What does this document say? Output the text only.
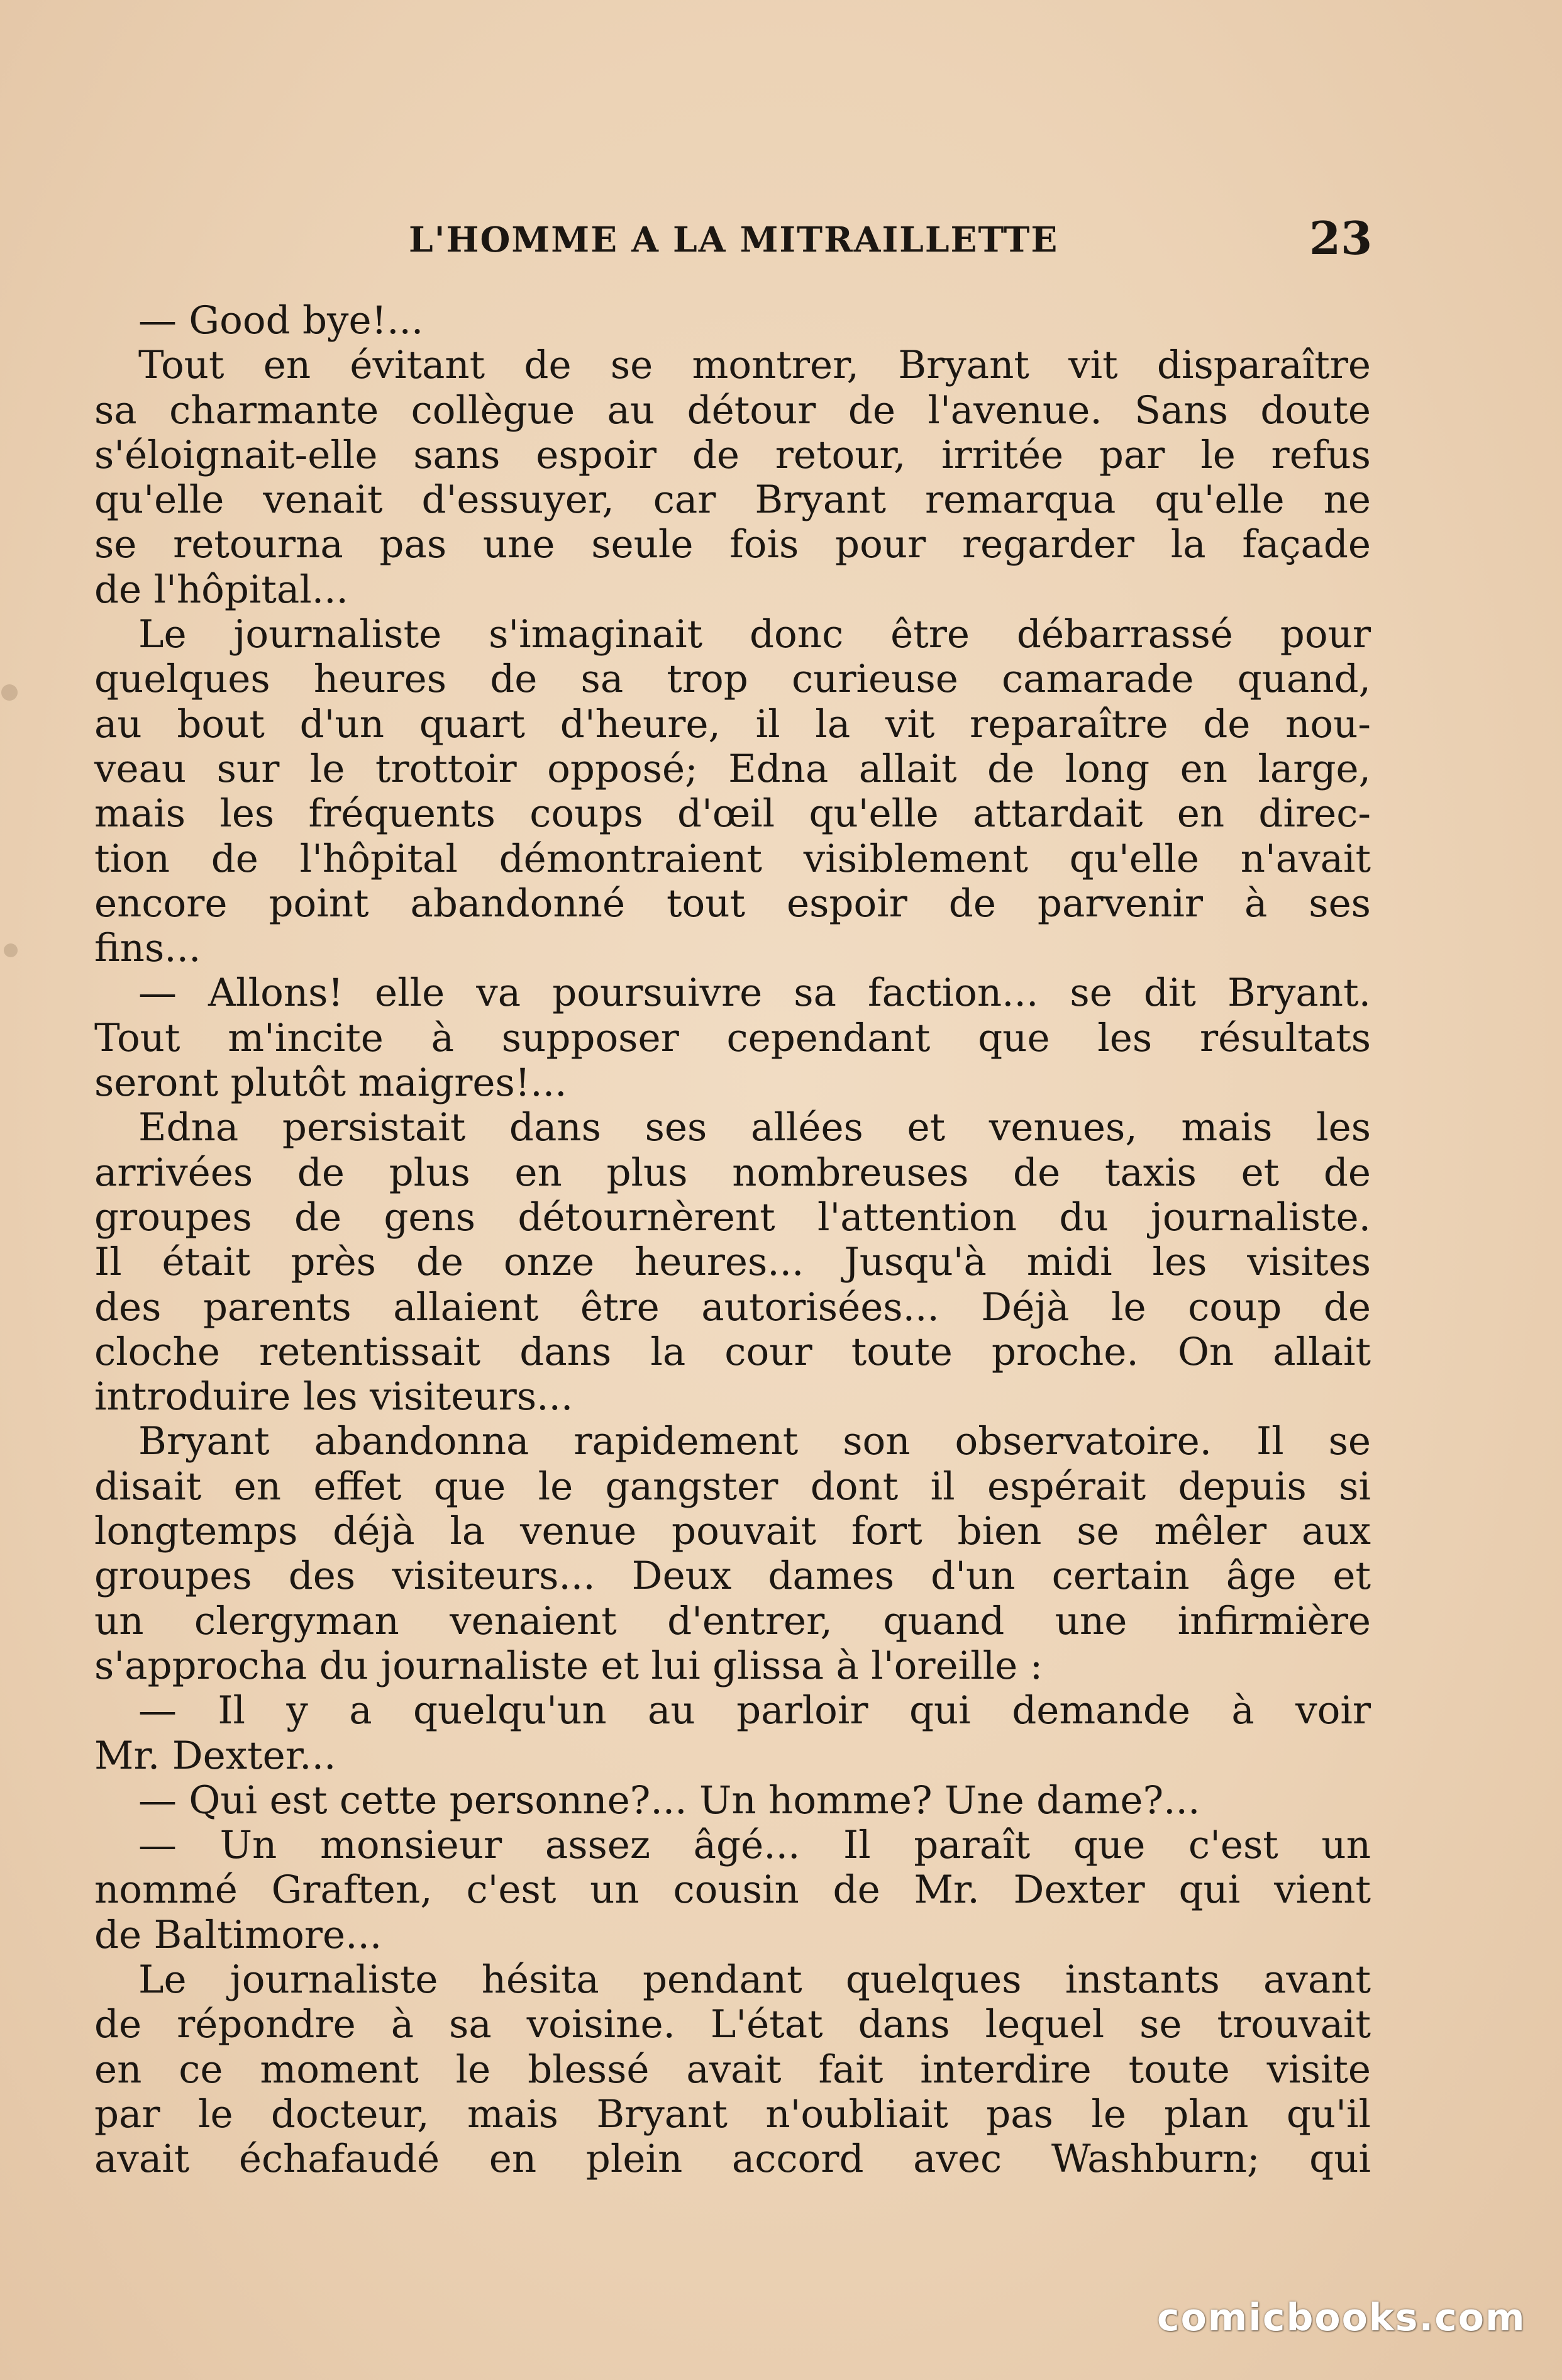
L'HOMME A LA MITRAILLETTE	23
— Good bye!...
Tout en évitant de se montrer, Bryant vit disparaître
sa charmante collègue au détour de l'avenue. Sans doute
s'éloignait-elle sans espoir de retour, irritée par le refus
qu'elle venait d'essuyer, car Bryant remarqua qu'elle ne
se retourna pas une seule fois pour regarder la façade
de l'hôpital...
Le journaliste s'imaginait donc être débarrassé pour
quelques heures de sa trop curieuse camarade quand,
au bout d'un quart d'heure, il la vit reparaître de nou-
veau sur le trottoir opposé; Edna allait de long en large,
mais les fréquents coups d'œil qu'elle attardait en direc-
tion de l'hôpital démontraient visiblement qu'elle n'avait
encore point abandonné tout espoir de parvenir à ses
fins...
— Allons! elle va poursuivre sa faction... se dit Bryant.
Tout m'incite à supposer cependant que les résultats
seront plutôt maigres!...
Edna persistait dans ses allées et venues, mais les
arrivées de plus en plus nombreuses de taxis et de
groupes de gens détournèrent l'attention du journaliste.
Il était près de onze heures... Jusqu'à midi les visites
des parents allaient être autorisées... Déjà le coup de
cloche retentissait dans la cour toute proche. On allait
introduire les visiteurs...
Bryant abandonna rapidement son observatoire. Il se
disait en effet que le gangster dont il espérait depuis si
longtemps déjà la venue pouvait fort bien se mêler aux
groupes des visiteurs... Deux dames d'un certain âge et
un clergyman venaient d'entrer, quand une infirmière
s'approcha du journaliste et lui glissa à l'oreille :
— Il y a quelqu'un au parloir qui demande à voir
Mr. Dexter...
— Qui est cette personne?... Un homme? Une dame?...
— Un monsieur assez âgé... Il paraît que c'est un
nommé Graften, c'est un cousin de Mr. Dexter qui vient
de Baltimore...
Le journaliste hésita pendant quelques instants avant
de répondre à sa voisine. L'état dans lequel se trouvait
en ce moment le blessé avait fait interdire toute visite
par le docteur, mais Bryant n'oubliait pas le plan qu'il
avait échafaudé en plein accord avec Washburn; qui
comicbooks.com
